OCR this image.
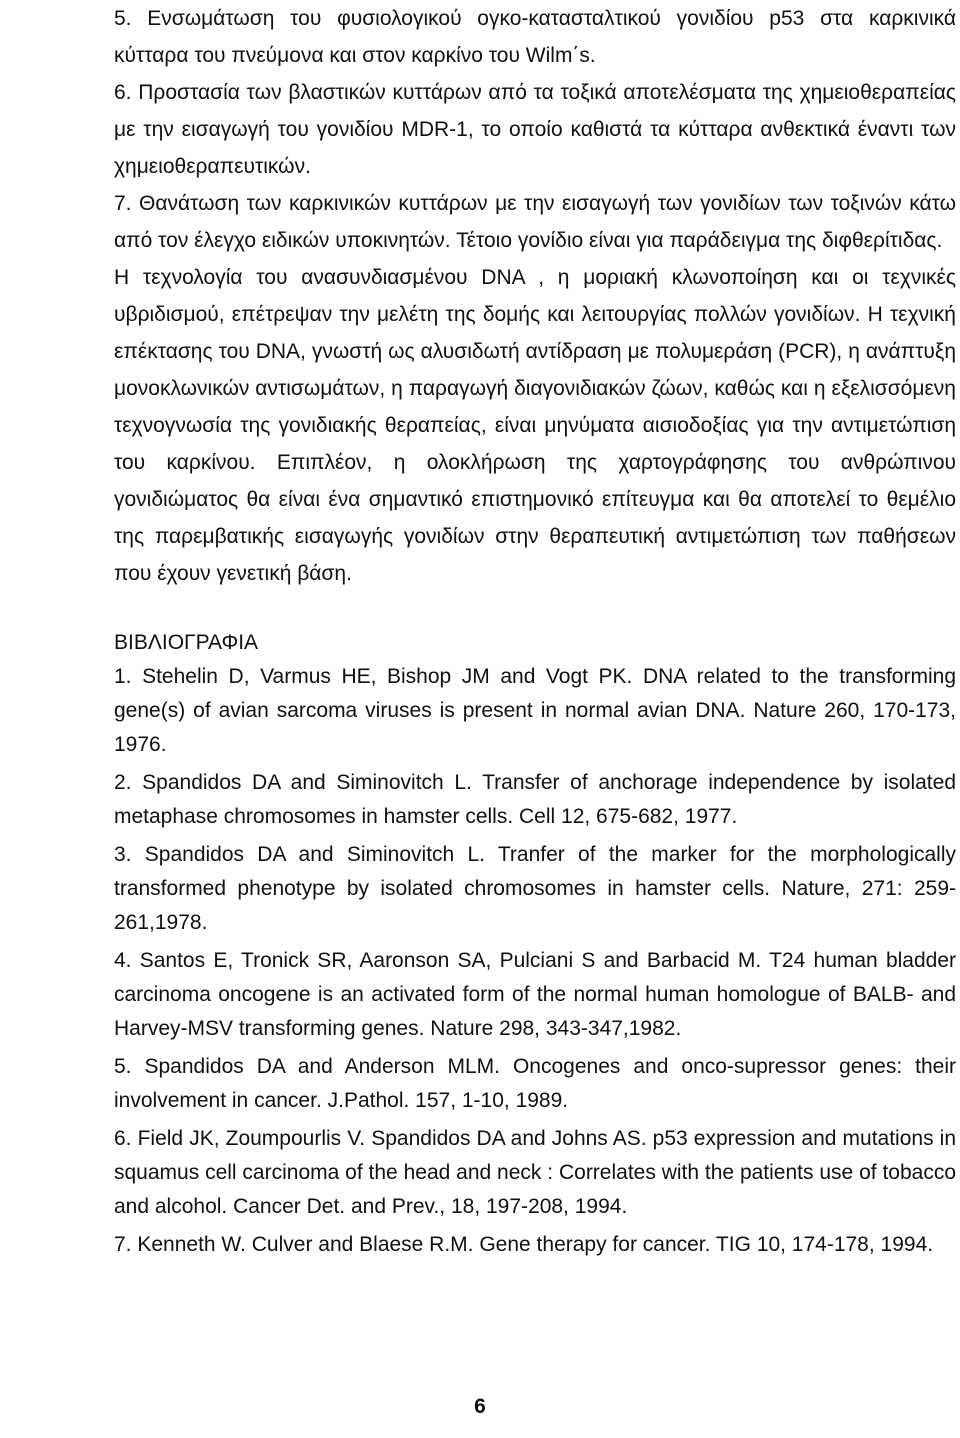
5. Ενσωμάτωση του φυσιολογικού ογκο-κατασταλτικού γονιδίου p53 στα καρκινικά κύτταρα του πνεύμονα και στον καρκίνο του Wilm΄s.

6. Προστασία των βλαστικών κυττάρων από τα τοξικά αποτελέσματα της χημειοθεραπείας με την εισαγωγή του γονιδίου MDR-1, το οποίο καθιστά τα κύτταρα ανθεκτικά έναντι των χημειοθεραπευτικών.

7. Θανάτωση των καρκινικών κυττάρων με την εισαγωγή των γονιδίων των τοξινών κάτω από τον έλεγχο ειδικών υποκινητών. Τέτοιο γονίδιο είναι για παράδειγμα της διφθερίτιδας.

Η τεχνολογία του ανασυνδιασμένου DNA , η μοριακή κλωνοποίηση και οι τεχνικές υβριδισμού, επέτρεψαν την μελέτη της δομής και λειτουργίας πολλών γονιδίων. Η τεχνική επέκτασης του DNA, γνωστή ως αλυσιδωτή αντίδραση με πολυμεράση (PCR), η ανάπτυξη μονοκλωνικών αντισωμάτων, η παραγωγή διαγονιδιακών ζώων, καθώς και η εξελισσόμενη τεχνογνωσία της γονιδιακής θεραπείας, είναι μηνύματα αισιοδοξίας για την αντιμετώπιση του καρκίνου. Επιπλέον, η ολοκλήρωση της χαρτογράφησης του ανθρώπινου γονιδιώματος θα είναι ένα σημαντικό επιστημονικό επίτευγμα και θα αποτελεί το θεμέλιο της παρεμβατικής εισαγωγής γονιδίων στην θεραπευτική αντιμετώπιση των παθήσεων που έχουν γενετική βάση.

ΒΙΒΛΙΟΓΡΑΦΙΑ

1. Stehelin D, Varmus HE, Bishop JM and Vogt PK. DNA related to the transforming gene(s) of avian sarcoma viruses is present in normal avian DNA. Nature 260, 170-173, 1976.

2. Spandidos DA and Siminovitch L. Transfer of anchorage independence by isolated metaphase chromosomes in hamster cells. Cell 12, 675-682, 1977.

3. Spandidos DA and Siminovitch L. Tranfer of the marker for the morphologically transformed phenotype by isolated chromosomes in hamster cells. Nature, 271: 259-261,1978.

4. Santos E, Tronick SR, Aaronson SA, Pulciani S and Barbacid M. T24 human bladder carcinoma oncogene is an activated form of the normal human homologue of BALB- and Harvey-MSV transforming genes. Nature 298, 343-347,1982.

5. Spandidos DA and Anderson MLM. Oncogenes and onco-supressor genes: their involvement in cancer. J.Pathol. 157, 1-10, 1989.

6. Field JK, Zoumpourlis V. Spandidos DA and Johns AS. p53 expression and mutations in squamus cell carcinoma of the head and neck : Correlates with the patients use of tobacco and alcohol. Cancer Det. and Prev., 18, 197-208, 1994.

7. Kenneth W. Culver and Blaese R.M. Gene therapy for cancer. TIG 10, 174-178, 1994.

6
